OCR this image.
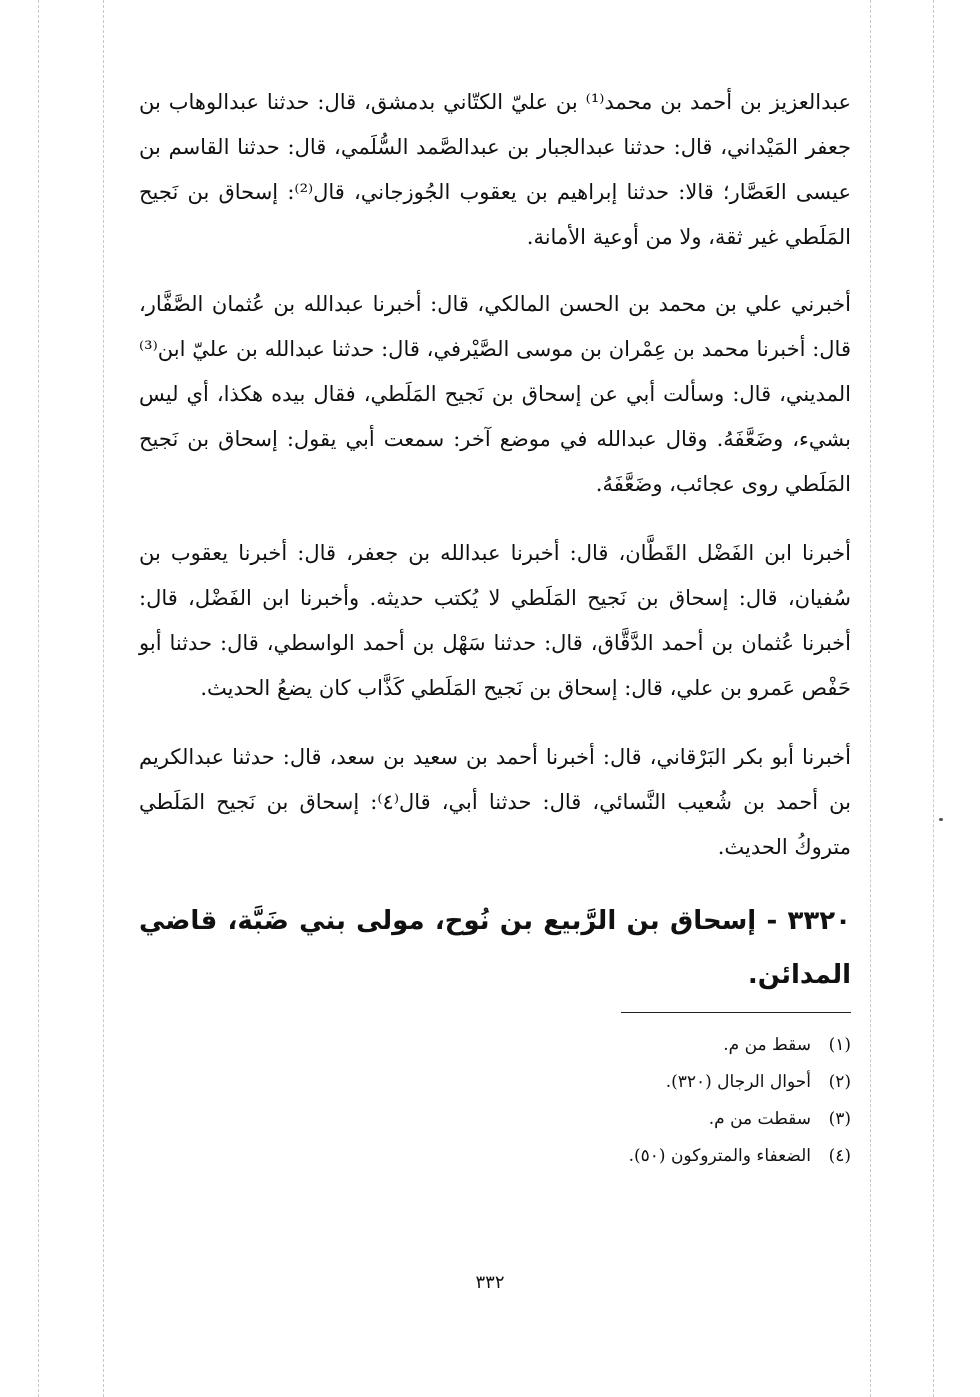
عبدالعزيز بن أحمد بن محمد⁽¹⁾ بن عليّ الكتّاني بدمشق، قال: حدثنا عبدالوهاب بن جعفر المَيْداني، قال: حدثنا عبدالجبار بن عبدالصَّمد السُّلَمي، قال: حدثنا القاسم بن عيسى العَصَّار؛ قالا: حدثنا إبراهيم بن يعقوب الجُوزجاني، قال⁽²⁾: إسحاق بن نَجيح المَلَطي غير ثقة، ولا من أوعية الأمانة.

أخبرني علي بن محمد بن الحسن المالكي، قال: أخبرنا عبدالله بن عُثمان الصَّفَّار، قال: أخبرنا محمد بن عِمْران بن موسى الصَّيْرفي، قال: حدثنا عبدالله بن عليّ ابن⁽³⁾ المديني، قال: وسألت أبي عن إسحاق بن نَجيح المَلَطي، فقال بيده هكذا، أي ليس بشيء، وضَعَّفَهُ. وقال عبدالله في موضع آخر: سمعت أبي يقول: إسحاق بن نَجيح المَلَطي روى عجائب، وضَعَّفَهُ.

أخبرنا ابن الفَضْل القَطَّان، قال: أخبرنا عبدالله بن جعفر، قال: أخبرنا يعقوب بن سُفيان، قال: إسحاق بن نَجيح المَلَطي لا يُكتب حديثه. وأخبرنا ابن الفَضْل، قال: أخبرنا عُثمان بن أحمد الدَّقَّاق، قال: حدثنا سَهْل بن أحمد الواسطي، قال: حدثنا أبو حَفْص عَمرو بن علي، قال: إسحاق بن نَجيح المَلَطي كَذَّاب كان يضعُ الحديث.

أخبرنا أبو بكر البَرْقاني، قال: أخبرنا أحمد بن سعيد بن سعد، قال: حدثنا عبدالكريم بن أحمد بن شُعيب النَّسائي، قال: حدثنا أبي، قال⁽٤⁾: إسحاق بن نَجيح المَلَطي متروكُ الحديث.

٣٣٢٠ - إسحاق بن الرَّبيع بن نُوح، مولى بني ضَبَّة، قاضي المدائن.
(١)
سقط من م.
(٢)
أحوال الرجال (٣٢٠).
(٣)
سقطت من م.
(٤)
الضعفاء والمتروكون (٥٠).
٣٣٢
